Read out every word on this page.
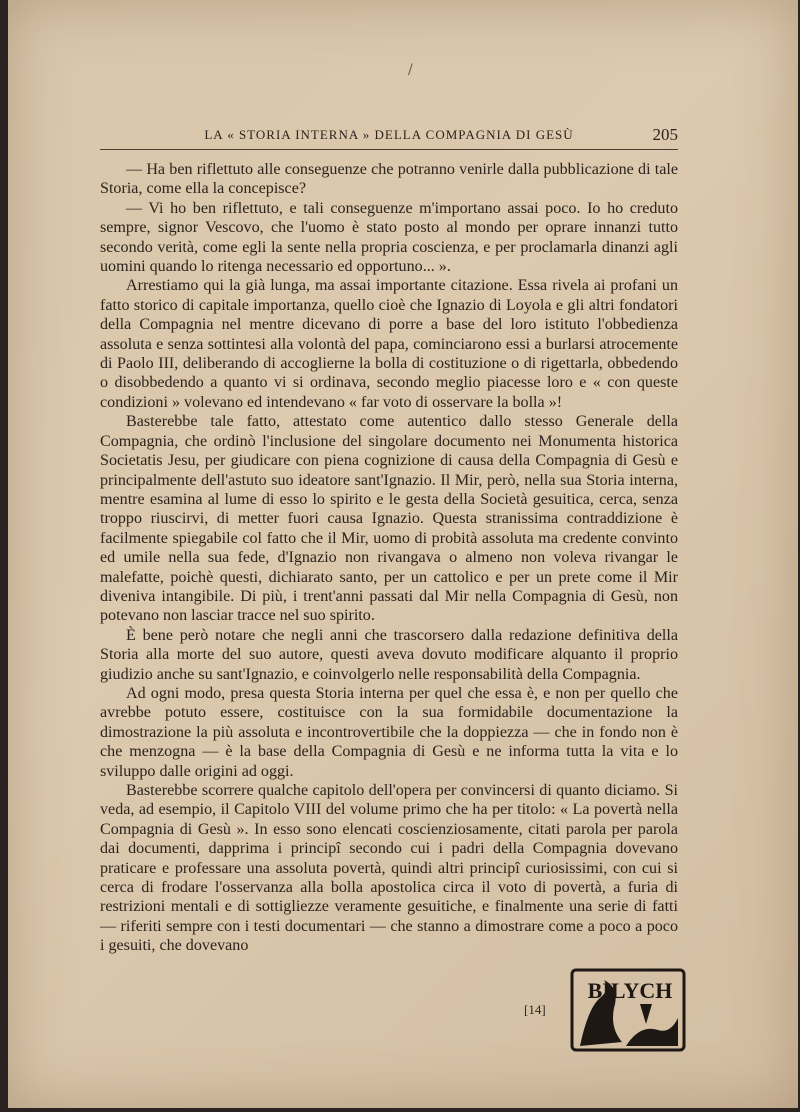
/
LA « STORIA INTERNA » DELLA COMPAGNIA DI GESÙ	205

— Ha ben riflettuto alle conseguenze che potranno venirle dalla pubblicazione di tale Storia, come ella la concepisce?

— Vi ho ben riflettuto, e tali conseguenze m'importano assai poco. Io ho creduto sempre, signor Vescovo, che l'uomo è stato posto al mondo per oprare innanzi tutto secondo verità, come egli la sente nella propria coscienza, e per proclamarla dinanzi agli uomini quando lo ritenga necessario ed opportuno... ».

Arrestiamo qui la già lunga, ma assai importante citazione. Essa rivela ai profani un fatto storico di capitale importanza, quello cioè che Ignazio di Loyola e gli altri fondatori della Compagnia nel mentre dicevano di porre a base del loro istituto l'obbedienza assoluta e senza sottintesi alla volontà del papa, cominciarono essi a burlarsi atrocemente di Paolo III, deliberando di accoglierne la bolla di costituzione o di rigettarla, obbedendo o disobbedendo a quanto vi si ordinava, secondo meglio piacesse loro e « con queste condizioni » volevano ed intendevano « far voto di osservare la bolla »!

Basterebbe tale fatto, attestato come autentico dallo stesso Generale della Compagnia, che ordinò l'inclusione del singolare documento nei Monumenta historica Societatis Jesu, per giudicare con piena cognizione di causa della Compagnia di Gesù e principalmente dell'astuto suo ideatore sant'Ignazio. Il Mir, però, nella sua Storia interna, mentre esamina al lume di esso lo spirito e le gesta della Società gesuitica, cerca, senza troppo riuscirvi, di metter fuori causa Ignazio. Questa stranissima contraddizione è facilmente spiegabile col fatto che il Mir, uomo di probità assoluta ma credente convinto ed umile nella sua fede, d'Ignazio non rivangava o almeno non voleva rivangar le malefatte, poichè questi, dichiarato santo, per un cattolico e per un prete come il Mir diveniva intangibile. Di più, i trent'anni passati dal Mir nella Compagnia di Gesù, non potevano non lasciar tracce nel suo spirito.

È bene però notare che negli anni che trascorsero dalla redazione definitiva della Storia alla morte del suo autore, questi aveva dovuto modificare alquanto il proprio giudizio anche su sant'Ignazio, e coinvolgerlo nelle responsabilità della Compagnia.

Ad ogni modo, presa questa Storia interna per quel che essa è, e non per quello che avrebbe potuto essere, costituisce con la sua formidabile documentazione la dimostrazione la più assoluta e incontrovertibile che la doppiezza — che in fondo non è che menzogna — è la base della Compagnia di Gesù e ne informa tutta la vita e lo sviluppo dalle origini ad oggi.

Basterebbe scorrere qualche capitolo dell'opera per convincersi di quanto diciamo. Si veda, ad esempio, il Capitolo VIII del volume primo che ha per titolo: « La povertà nella Compagnia di Gesù ». In esso sono elencati coscienziosamente, citati parola per parola dai documenti, dapprima i principî secondo cui i padri della Compagnia dovevano praticare e professare una assoluta povertà, quindi altri principî curiosissimi, con cui si cerca di frodare l'osservanza alla bolla apostolica circa il voto di povertà, a furia di restrizioni mentali e di sottigliezze veramente gesuitiche, e finalmente una serie di fatti — riferiti sempre con i testi documentari — che stanno a dimostrare come a poco a poco i gesuiti, che dovevano

[14]
BILYCH
